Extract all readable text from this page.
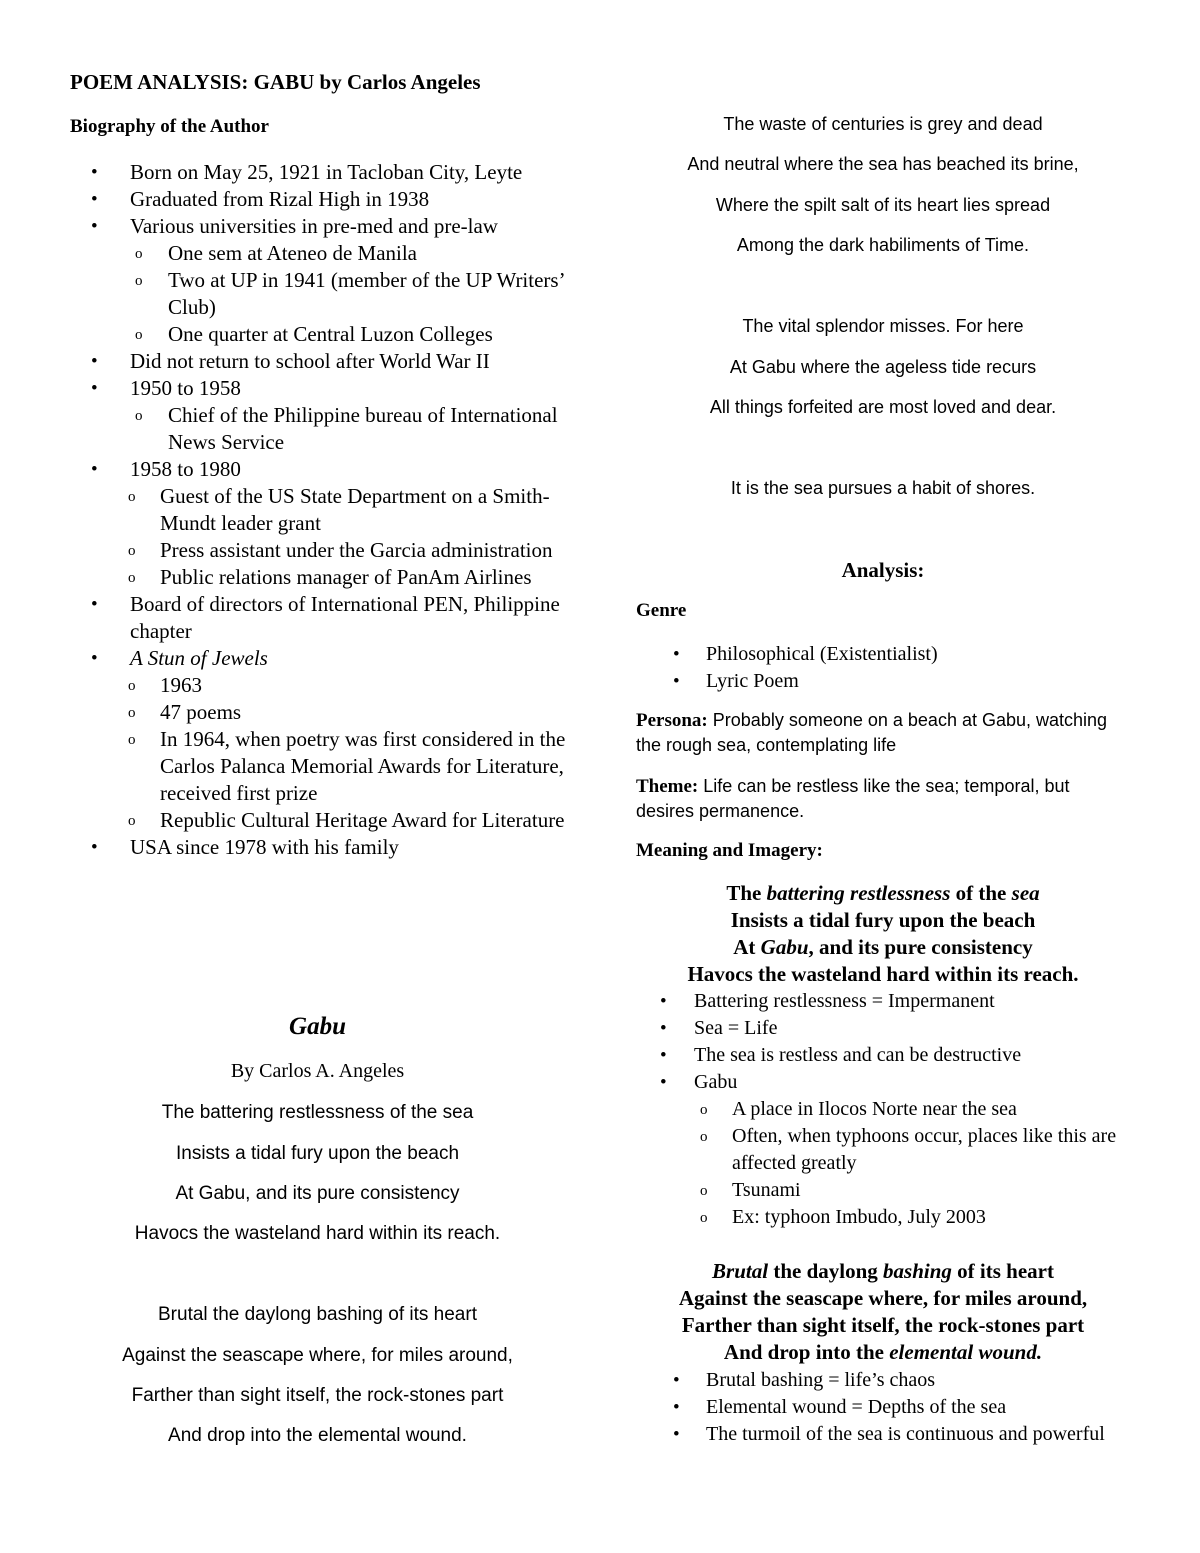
POEM ANALYSIS: GABU by Carlos Angeles
Biography of the Author
• Born on May 25, 1921 in Tacloban City, Leyte
• Graduated from Rizal High in 1938
• Various universities in pre-med and pre-law
o One sem at Ateneo de Manila
o Two at UP in 1941 (member of the UP Writers’ Club)
o One quarter at Central Luzon Colleges
• Did not return to school after World War II
• 1950 to 1958
o Chief of the Philippine bureau of International News Service
• 1958 to 1980
o Guest of the US State Department on a Smith-Mundt leader grant
o Press assistant under the Garcia administration
o Public relations manager of PanAm Airlines
• Board of directors of International PEN, Philippine chapter
• A Stun of Jewels
o 1963
o 47 poems
o In 1964, when poetry was first considered in the Carlos Palanca Memorial Awards for Literature, received first prize
o Republic Cultural Heritage Award for Literature
• USA since 1978 with his family
Gabu
By Carlos A. Angeles
The battering restlessness of the sea
Insists a tidal fury upon the beach
At Gabu, and its pure consistency
Havocs the wasteland hard within its reach.
Brutal the daylong bashing of its heart
Against the seascape where, for miles around,
Farther than sight itself, the rock-stones part
And drop into the elemental wound.
The waste of centuries is grey and dead
And neutral where the sea has beached its brine,
Where the spilt salt of its heart lies spread
Among the dark habiliments of Time.
The vital splendor misses. For here
At Gabu where the ageless tide recurs
All things forfeited are most loved and dear.
It is the sea pursues a habit of shores.
Analysis:
Genre
• Philosophical (Existentialist)
• Lyric Poem
Persona: Probably someone on a beach at Gabu, watching the rough sea, contemplating life
Theme: Life can be restless like the sea; temporal, but desires permanence.
Meaning and Imagery:
The battering restlessness of the sea
Insists a tidal fury upon the beach
At Gabu, and its pure consistency
Havocs the wasteland hard within its reach.
• Battering restlessness = Impermanent
• Sea = Life
• The sea is restless and can be destructive
• Gabu
o A place in Ilocos Norte near the sea
o Often, when typhoons occur, places like this are affected greatly
o Tsunami
o Ex: typhoon Imbudo, July 2003
Brutal the daylong bashing of its heart
Against the seascape where, for miles around,
Farther than sight itself, the rock-stones part
And drop into the elemental wound.
• Brutal bashing = life’s chaos
• Elemental wound = Depths of the sea
• The turmoil of the sea is continuous and powerful
